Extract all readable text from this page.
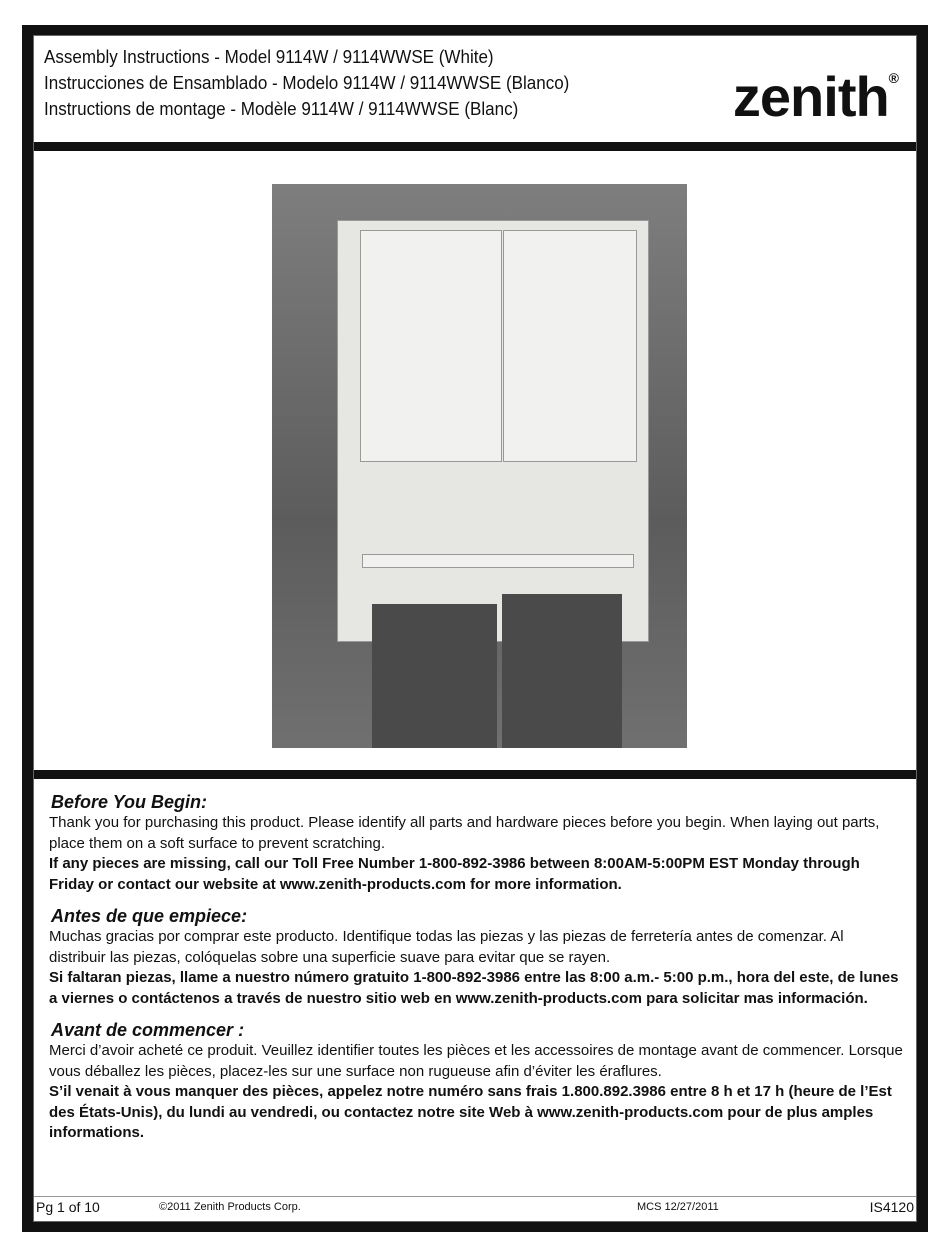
Assembly Instructions - Model 9114W / 9114WWSE (White)
Instrucciones de Ensamblado - Modelo 9114W / 9114WWSE (Blanco)
Instructions de montage - Modèle 9114W / 9114WWSE (Blanc)	zenith®
Before You Begin:

Thank you for purchasing this product. Please identify all parts and hardware pieces before you begin. When laying out parts, place them on a soft surface to prevent scratching.

If any pieces are missing, call our Toll Free Number 1-800-892-3986 between 8:00AM-5:00PM EST Monday through Friday or contact our website at www.zenith-products.com for more information.

Antes de que empiece:

Muchas gracias por comprar este producto. Identifique todas las piezas y las piezas de ferretería antes de comenzar. Al distribuir las piezas, colóquelas sobre una superficie suave para evitar que se rayen.

Si faltaran piezas, llame a nuestro número gratuito 1-800-892-3986 entre las 8:00 a.m.- 5:00 p.m., hora del este, de lunes a viernes o contáctenos a través de nuestro sitio web en www.zenith-products.com para solicitar mas información.

Avant de commencer :

Merci d’avoir acheté ce produit. Veuillez identifier toutes les pièces et les accessoires de montage avant de commencer. Lorsque vous déballez les pièces, placez-les sur une surface non rugueuse afin d’éviter les éraflures.

S’il venait à vous manquer des pièces, appelez notre numéro sans frais 1.800.892.3986 entre 8 h et 17 h (heure de l’Est des États-Unis), du lundi au vendredi, ou contactez notre site Web à www.zenith-products.com pour de plus amples informations.

Pg 1 of 10	©2011 Zenith Products Corp.	MCS 12/27/2011	IS4120
